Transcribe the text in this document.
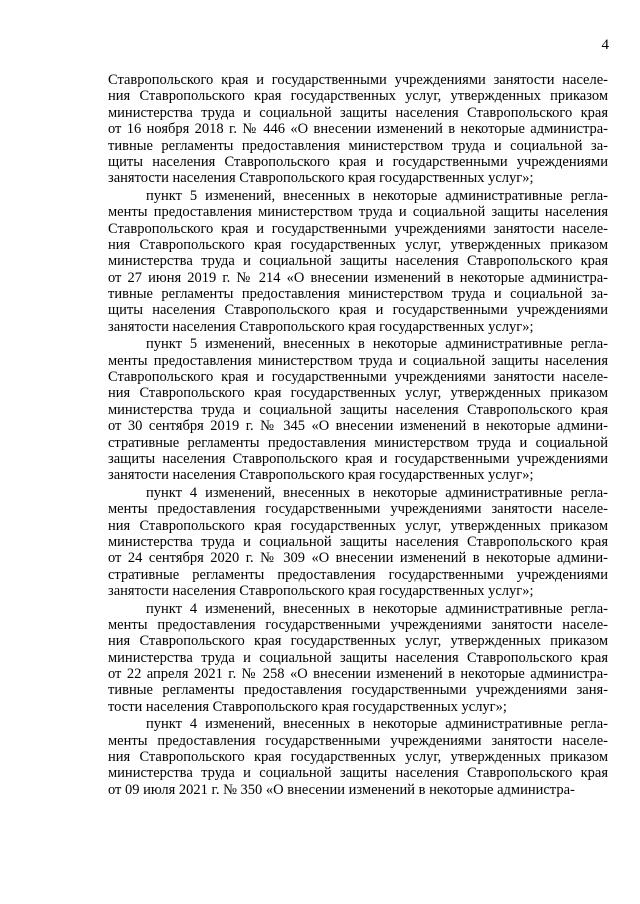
4

Ставропольского края и государственными учреждениями занятости населе-
ния Ставропольского края государственных услуг, утвержденных приказом
министерства труда и социальной защиты населения Ставропольского края
от 16 ноября 2018 г. № 446 «О внесении изменений в некоторые администра-
тивные регламенты предоставления министерством труда и социальной за-
щиты населения Ставропольского края и государственными учреждениями
занятости населения Ставропольского края государственных услуг»;
пункт 5 изменений, внесенных в некоторые административные регла-
менты предоставления министерством труда и социальной защиты населения
Ставропольского края и государственными учреждениями занятости населе-
ния Ставропольского края государственных услуг, утвержденных приказом
министерства труда и социальной защиты населения Ставропольского края
от 27 июня 2019 г. № 214 «О внесении изменений в некоторые администра-
тивные регламенты предоставления министерством труда и социальной за-
щиты населения Ставропольского края и государственными учреждениями
занятости населения Ставропольского края государственных услуг»;
пункт 5 изменений, внесенных в некоторые административные регла-
менты предоставления министерством труда и социальной защиты населения
Ставропольского края и государственными учреждениями занятости населе-
ния Ставропольского края государственных услуг, утвержденных приказом
министерства труда и социальной защиты населения Ставропольского края
от 30 сентября 2019 г. № 345 «О внесении изменений в некоторые админи-
стративные регламенты предоставления министерством труда и социальной
защиты населения Ставропольского края и государственными учреждениями
занятости населения Ставропольского края государственных услуг»;
пункт 4 изменений, внесенных в некоторые административные регла-
менты предоставления государственными учреждениями занятости населе-
ния Ставропольского края государственных услуг, утвержденных приказом
министерства труда и социальной защиты населения Ставропольского края
от 24 сентября 2020 г. № 309 «О внесении изменений в некоторые админи-
стративные регламенты предоставления государственными учреждениями
занятости населения Ставропольского края государственных услуг»;
пункт 4 изменений, внесенных в некоторые административные регла-
менты предоставления государственными учреждениями занятости населе-
ния Ставропольского края государственных услуг, утвержденных приказом
министерства труда и социальной защиты населения Ставропольского края
от 22 апреля 2021 г. № 258 «О внесении изменений в некоторые администра-
тивные регламенты предоставления государственными учреждениями заня-
тости населения Ставропольского края государственных услуг»;
пункт 4 изменений, внесенных в некоторые административные регла-
менты предоставления государственными учреждениями занятости населе-
ния Ставропольского края государственных услуг, утвержденных приказом
министерства труда и социальной защиты населения Ставропольского края
от 09 июля 2021 г. № 350 «О внесении изменений в некоторые администра-
